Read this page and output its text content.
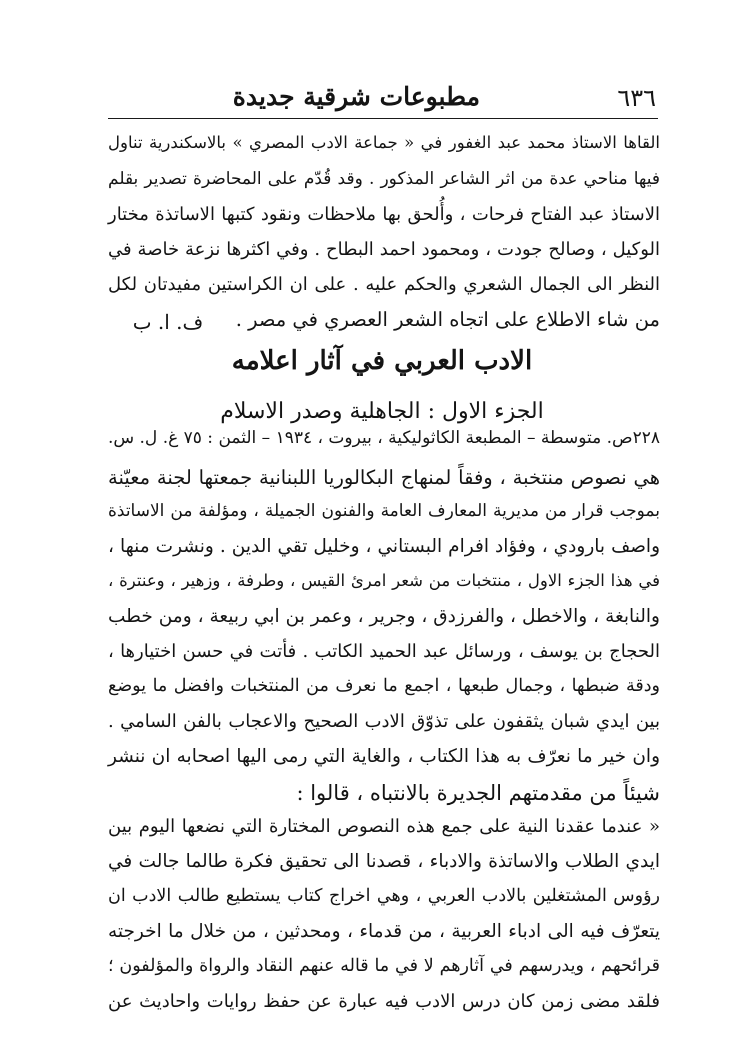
٦٣٦
مطبوعات شرقية جديدة
القاها الاستاذ محمد عبد الغفور في « جماعة الادب المصري » بالاسكندرية تناول
فيها مناحي عدة من اثر الشاعر المذكور . وقد قُدّم على المحاضرة تصدير بقلم
الاستاذ عبد الفتاح فرحات ، وأُلحق بها ملاحظات ونقود كتبها الاساتذة مختار
الوكيل ، وصالح جودت ، ومحمود احمد البطاح . وفي اكثرها نزعة خاصة في
النظر الى الجمال الشعري والحكم عليه . على ان الكراستين مفيدتان لكل
من شاء الاطلاع على اتجاه الشعر العصري في مصر .
ف. ا. ب
الادب العربي في آثار اعلامه
الجزء الاول : الجاهلية وصدر الاسلام
٢٢٨ص. متوسطة – المطبعة الكاثوليكية ، بيروت ، ١٩٣٤ – الثمن : ٧٥ غ. ل. س.
هي نصوص منتخبة ، وفقاً لمنهاج البكالوريا اللبنانية جمعتها لجنة معيّنة
بموجب قرار من مديرية المعارف العامة والفنون الجميلة ، ومؤلفة من الاساتذة
واصف بارودي ، وفؤاد افرام البستاني ، وخليل تقي الدين . ونشرت منها ،
في هذا الجزء الاول ، منتخبات من شعر امرئ القيس ، وطرفة ، وزهير ، وعنترة ،
والنابغة ، والاخطل ، والفرزدق ، وجرير ، وعمر بن ابي ربيعة ، ومن خطب
الحجاج بن يوسف ، ورسائل عبد الحميد الكاتب . فأتت في حسن اختيارها ،
ودقة ضبطها ، وجمال طبعها ، اجمع ما نعرف من المنتخبات وافضل ما يوضع
بين ايدي شبان يثقفون على تذوّق الادب الصحيح والاعجاب بالفن السامي .
وان خير ما نعرّف به هذا الكتاب ، والغاية التي رمى اليها اصحابه ان ننشر
شيئاً من مقدمتهم الجديرة بالانتباه ، قالوا :
« عندما عقدنا النية على جمع هذه النصوص المختارة التي نضعها اليوم بين
ايدي الطلاب والاساتذة والادباء ، قصدنا الى تحقيق فكرة طالما جالت في
رؤوس المشتغلين بالادب العربي ، وهي اخراج كتاب يستطيع طالب الادب ان
يتعرّف فيه الى ادباء العربية ، من قدماء ، ومحدثين ، من خلال ما اخرجته
قرائحهم ، ويدرسهم في آثارهم لا في ما قاله عنهم النقاد والرواة والمؤلفون ؛
فلقد مضى زمن كان درس الادب فيه عبارة عن حفظ روايات واحاديث عن
